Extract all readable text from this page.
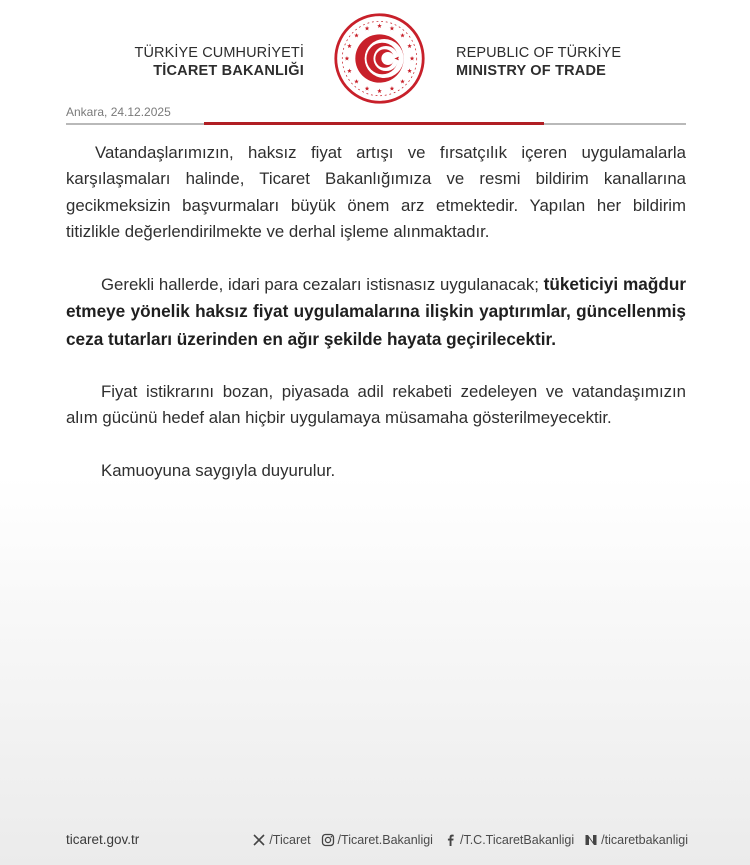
TÜRKİYE CUMHURİYETİ
TİCARET BAKANLIĞI
REPUBLIC OF TÜRKİYE
MINISTRY OF TRADE
Ankara, 24.12.2025

Vatandaşlarımızın, haksız fiyat artışı ve fırsatçılık içeren uygulamalarla karşılaşmaları halinde, Ticaret Bakanlığımıza ve resmi bildirim kanallarına gecikmeksizin başvurmaları büyük önem arz etmektedir. Yapılan her bildirim titizlikle değerlendirilmekte ve derhal işleme alınmaktadır.

Gerekli hallerde, idari para cezaları istisnasız uygulanacak; tüketiciyi mağdur etmeye yönelik haksız fiyat uygulamalarına ilişkin yaptırımlar, güncellenmiş ceza tutarları üzerinden en ağır şekilde hayata geçirilecektir.

Fiyat istikrarını bozan, piyasada adil rekabeti zedeleyen ve vatandaşımızın alım gücünü hedef alan hiçbir uygulamaya müsamaha gösterilmeyecektir.

Kamuoyuna saygıyla duyurulur.

ticaret.gov.tr	/Ticaret /Ticaret.Bakanligi /T.C.TicaretBakanligi /ticaretbakanligi
